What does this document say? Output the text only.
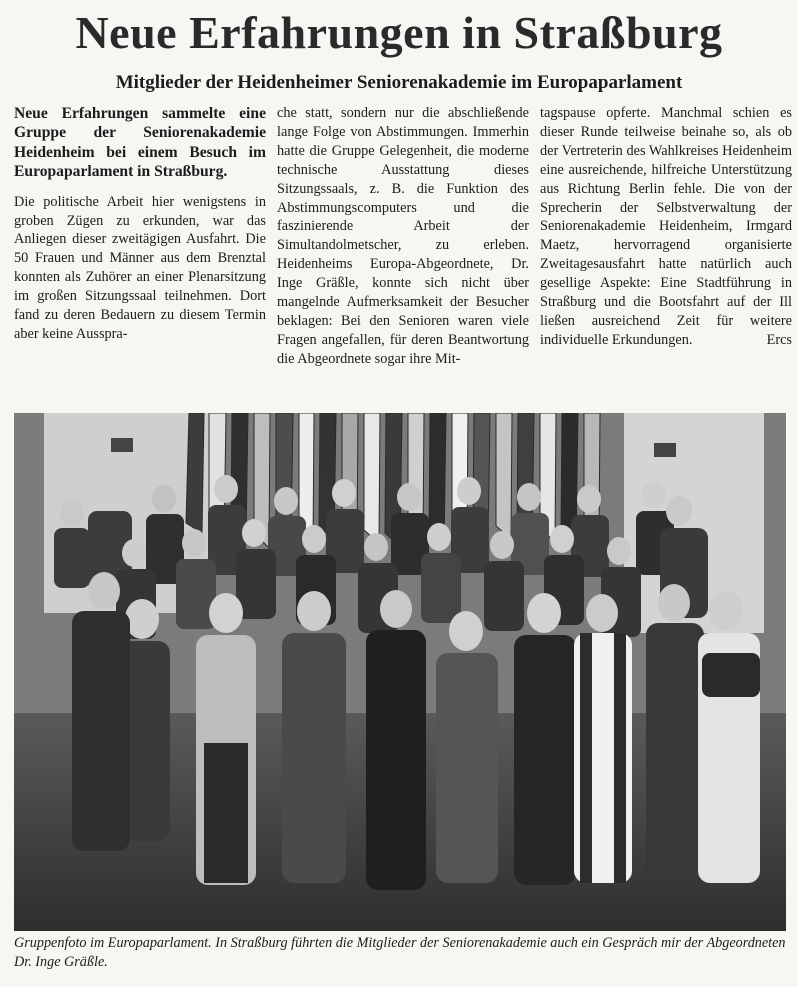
Neue Erfahrungen in Straßburg
Mitglieder der Heidenheimer Seniorenakademie im Europaparlament

Neue Erfahrungen sammelte eine Gruppe der Seniorenakademie Heidenheim bei einem Besuch im Europaparlament in Straßburg.

Die politische Arbeit hier wenigstens in groben Zügen zu erkunden, war das Anliegen dieser zweitägigen Ausfahrt. Die 50 Frauen und Männer aus dem Brenztal konnten als Zuhörer an einer Plenarsitzung im großen Sitzungssaal teilnehmen. Dort fand zu deren Bedauern zu diesem Termin aber keine Ausspra-

che statt, sondern nur die abschließende lange Folge von Abstimmungen. Immerhin hatte die Gruppe Gelegenheit, die moderne technische Ausstattung dieses Sitzungssaals, z. B. die Funktion des Abstimmungscomputers und die faszinierende Arbeit der Simultandolmetscher, zu erleben. Heidenheims Europa-Abgeordnete, Dr. Inge Gräßle, konnte sich nicht über mangelnde Aufmerksamkeit der Besucher beklagen: Bei den Senioren waren viele Fragen angefallen, für deren Beantwortung die Abgeordnete sogar ihre Mit-

tagspause opferte. Manchmal schien es dieser Runde teilweise beinahe so, als ob der Vertreterin des Wahlkreises Heidenheim eine ausreichende, hilfreiche Unterstützung aus Richtung Berlin fehle. Die von der Sprecherin der Selbstverwaltung der Seniorenakademie Heidenheim, Irmgard Maetz, hervorragend organisierte Zweitagesausfahrt hatte natürlich auch gesellige Aspekte: Eine Stadtführung in Straßburg und die Bootsfahrt auf der Ill ließen ausreichend Zeit für weitere individuelle Erkundungen.	Ercs

Gruppenfoto im Europaparlament. In Straßburg führten die Mitglieder der Seniorenakademie auch ein Gespräch mir der Abgeordneten Dr. Inge Gräßle.
